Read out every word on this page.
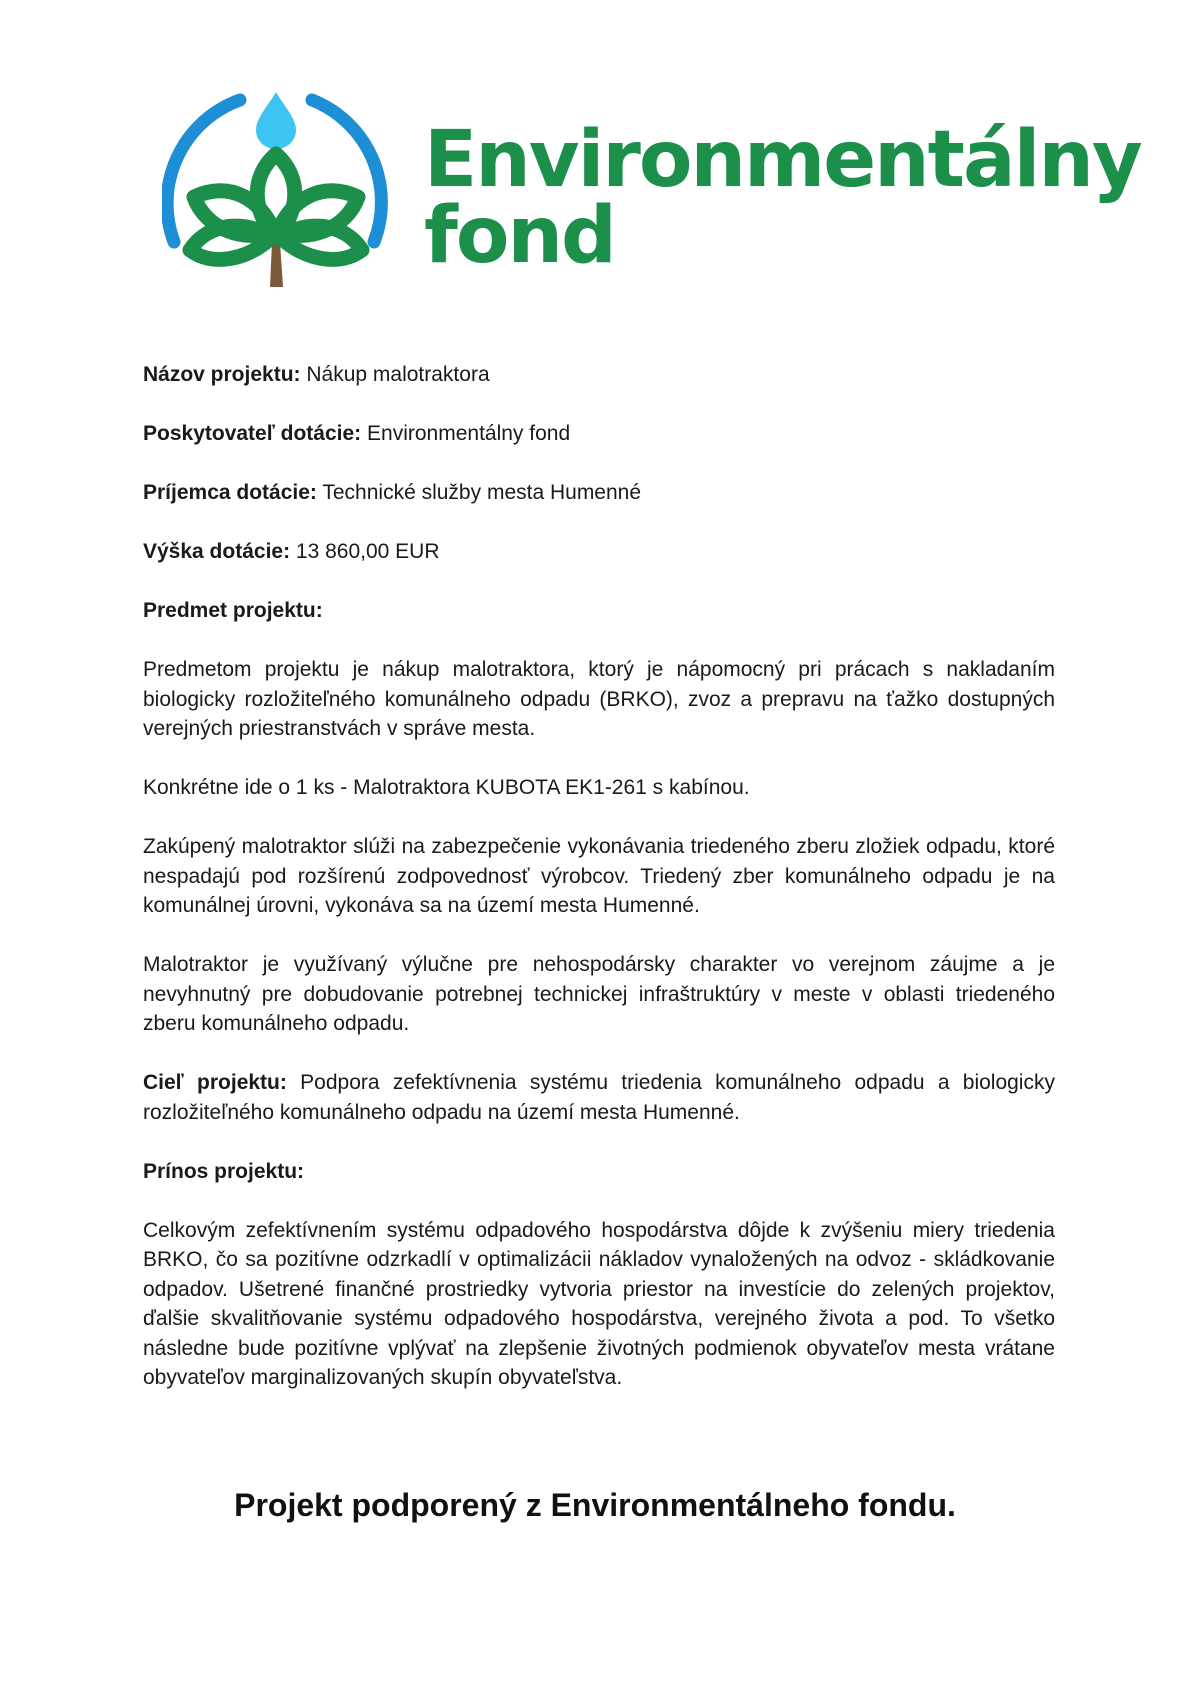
Environmentálny
fond
Názov projektu: Nákup malotraktora
Poskytovateľ dotácie: Environmentálny fond
Príjemca dotácie: Technické služby mesta Humenné
Výška dotácie: 13 860,00 EUR
Predmet projektu:

Predmetom projektu je nákup malotraktora, ktorý je nápomocný pri prácach s nakladaním biologicky rozložiteľného komunálneho odpadu (BRKO), zvoz a prepravu na ťažko dostupných verejných priestranstvách v správe mesta.

Konkrétne ide o 1 ks - Malotraktora KUBOTA EK1-261 s kabínou.

Zakúpený malotraktor slúži na zabezpečenie vykonávania triedeného zberu zložiek odpadu, ktoré nespadajú pod rozšírenú zodpovednosť výrobcov. Triedený zber komunálneho odpadu je na komunálnej úrovni, vykonáva sa na území mesta Humenné.

Malotraktor je využívaný výlučne pre nehospodársky charakter vo verejnom záujme a je nevyhnutný pre dobudovanie potrebnej technickej infraštruktúry v meste v oblasti triedeného zberu komunálneho odpadu.

Cieľ projektu: Podpora zefektívnenia systému triedenia komunálneho odpadu a biologicky rozložiteľného komunálneho odpadu na území mesta Humenné.

Prínos projektu:

Celkovým zefektívnením systému odpadového hospodárstva dôjde k zvýšeniu miery triedenia BRKO, čo sa pozitívne odzrkadlí v optimalizácii nákladov vynaložených na odvoz - skládkovanie odpadov. Ušetrené finančné prostriedky vytvoria priestor na investície do zelených projektov, ďalšie skvalitňovanie systému odpadového hospodárstva, verejného života a pod. To všetko následne bude pozitívne vplývať na zlepšenie životných podmienok obyvateľov mesta vrátane obyvateľov marginalizovaných skupín obyvateľstva.

Projekt podporený z Environmentálneho fondu.
